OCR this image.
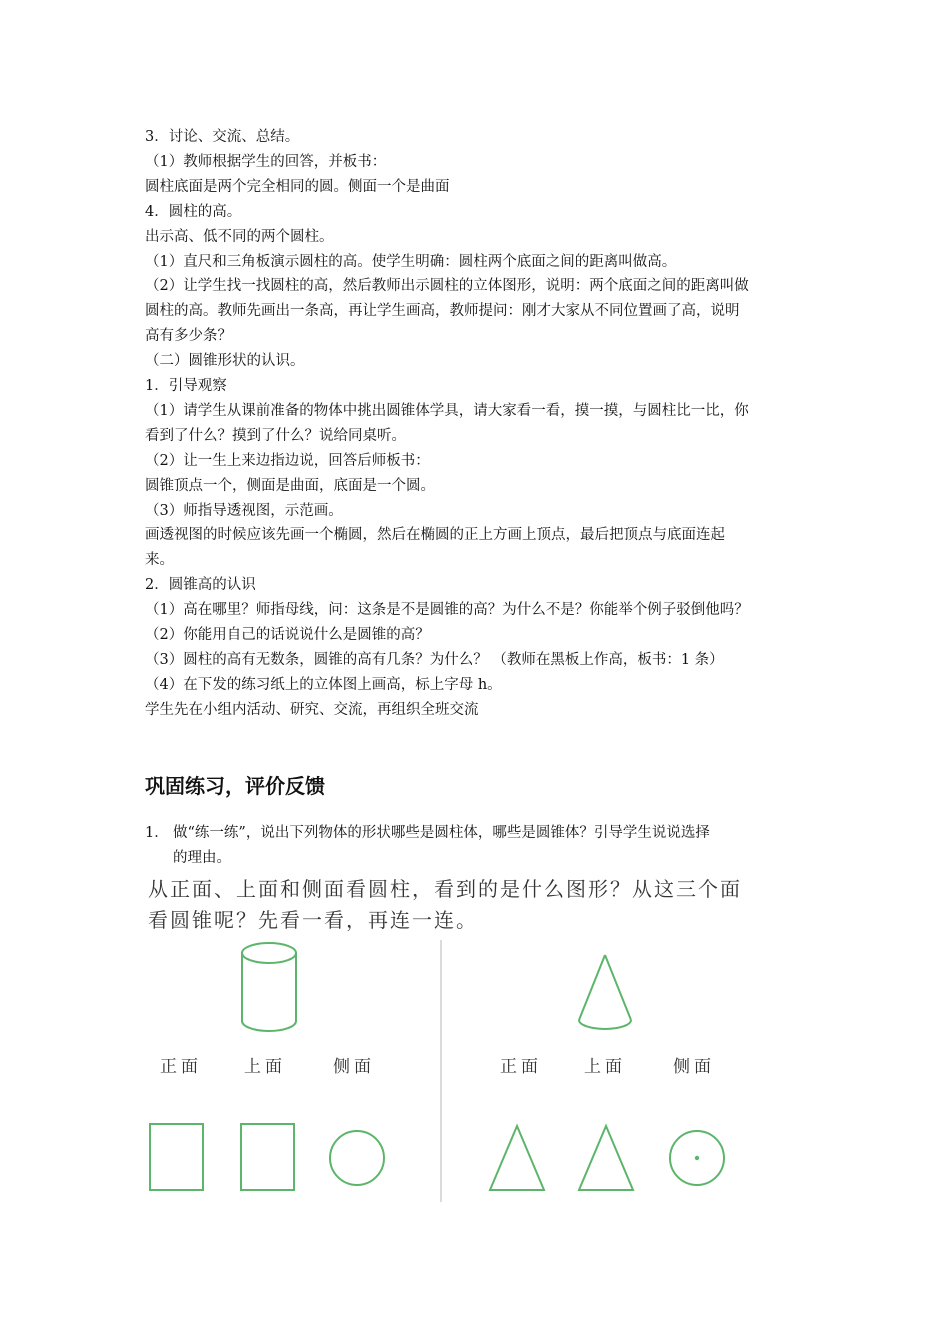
3．讨论、交流、总结。
（1）教师根据学生的回答，并板书：
圆柱底面是两个完全相同的圆。侧面一个是曲面
4．圆柱的高。
出示高、低不同的两个圆柱。
（1）直尺和三角板演示圆柱的高。使学生明确：圆柱两个底面之间的距离叫做高。
（2）让学生找一找圆柱的高，然后教师出示圆柱的立体图形，说明：两个底面之间的距离叫做
圆柱的高。教师先画出一条高，再让学生画高，教师提问：刚才大家从不同位置画了高，说明
高有多少条？
（二）圆锥形状的认识。
1．引导观察
（1）请学生从课前准备的物体中挑出圆锥体学具，请大家看一看，摸一摸，与圆柱比一比，你
看到了什么？摸到了什么？说给同桌听。
（2）让一生上来边指边说，回答后师板书：
圆锥顶点一个，侧面是曲面，底面是一个圆。
（3）师指导透视图，示范画。
画透视图的时候应该先画一个椭圆，然后在椭圆的正上方画上顶点，最后把顶点与底面连起
来。
2．圆锥高的认识
（1）高在哪里？师指母线，问：这条是不是圆锥的高？为什么不是？你能举个例子驳倒他吗？
（2）你能用自己的话说说什么是圆锥的高？
（3）圆柱的高有无数条，圆锥的高有几条？为什么？ （教师在黑板上作高，板书：1 条）
（4）在下发的练习纸上的立体图上画高，标上字母 h。
学生先在小组内活动、研究、交流，再组织全班交流
巩固练习，评价反馈
1． 做“练一练”，说出下列物体的形状哪些是圆柱体，哪些是圆锥体？引导学生说说选择
的理由。
从正面、上面和侧面看圆柱，看到的是什么图形？从这三个面
看圆锥呢？先看一看，再连一连。
正面 上面	侧面	正面 上面	侧面
